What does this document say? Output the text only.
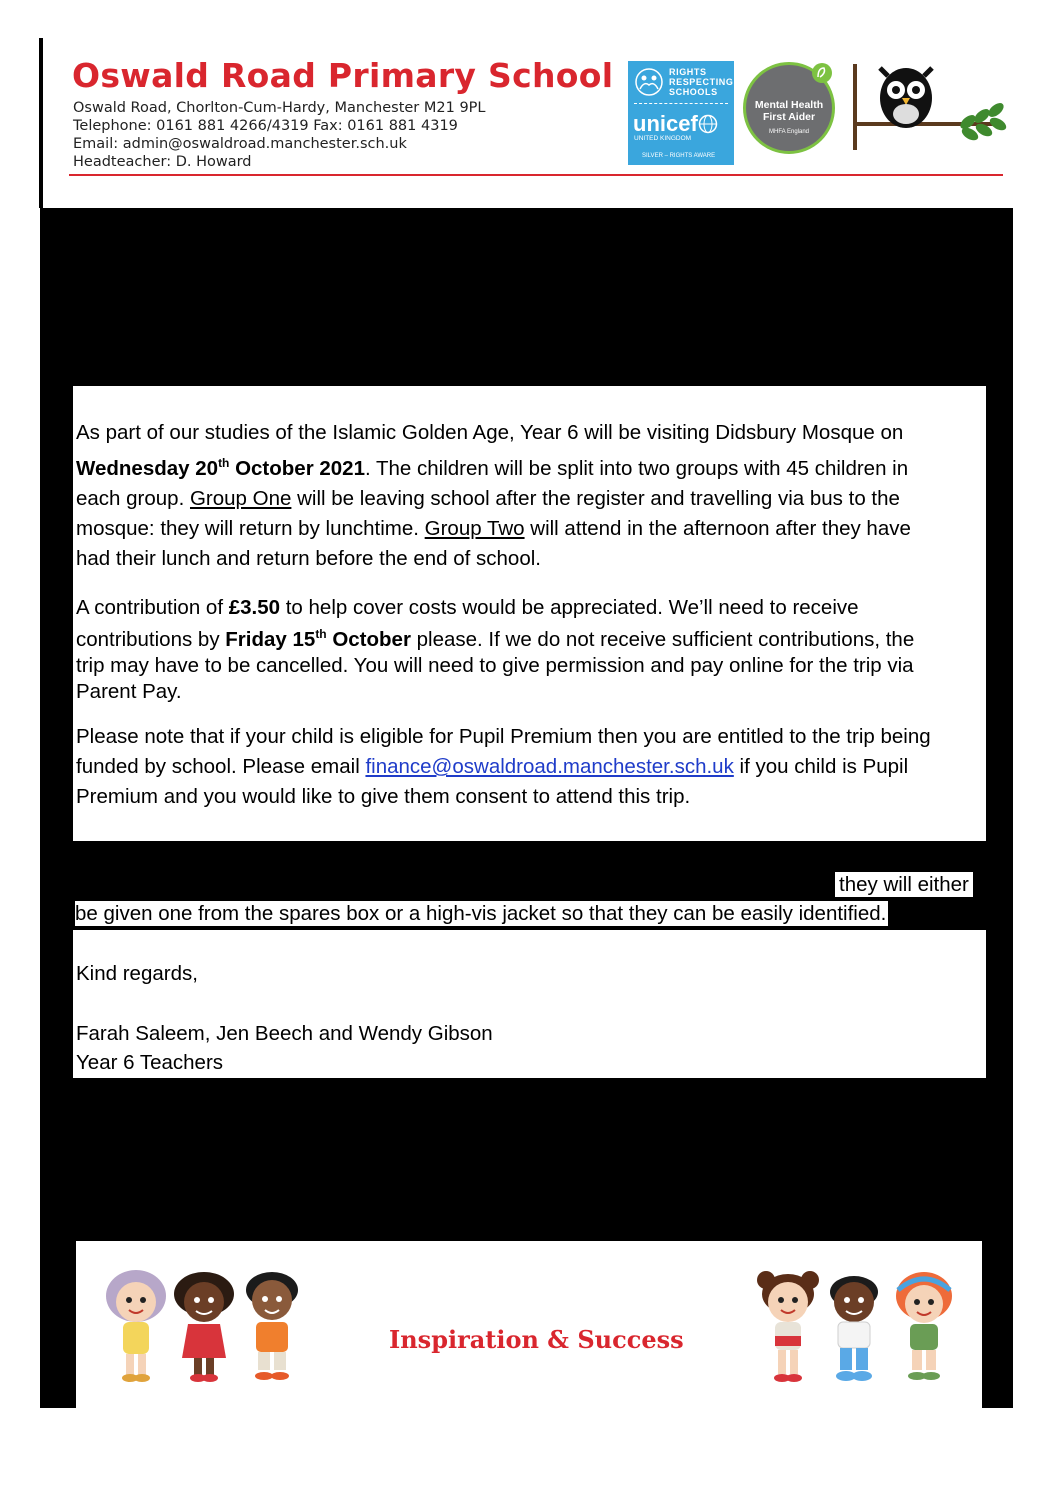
Oswald Road Primary School
Oswald Road, Chorlton-Cum-Hardy, Manchester M21 9PL
Telephone: 0161 881 4266/4319 Fax: 0161 881 4319
Email: admin@oswaldroad.manchester.sch.uk
Headteacher: D. Howard
RIGHTS
RESPECTING
SCHOOLS
unicef
UNITED KINGDOM
SILVER – RIGHTS AWARE
Mental Health
First Aider
MHFA England
As part of our studies of the Islamic Golden Age, Year 6 will be visiting Didsbury Mosque on
Wednesday 20th October 2021. The children will be split into two groups with 45 children in
each group. Group One will be leaving school after the register and travelling via bus to the
mosque: they will return by lunchtime. Group Two will attend in the afternoon after they have
had their lunch and return before the end of school.
A contribution of £3.50 to help cover costs would be appreciated. We’ll need to receive
contributions by Friday 15th October please. If we do not receive sufficient contributions, the
trip may have to be cancelled. You will need to give permission and pay online for the trip via
Parent Pay.
Please note that if your child is eligible for Pupil Premium then you are entitled to the trip being
funded by school. Please email finance@oswaldroad.manchester.sch.uk if you child is Pupil
Premium and you would like to give them consent to attend this trip.
they will either
be given one from the spares box or a high-vis jacket so that they can be easily identified.
Kind regards,
Farah Saleem, Jen Beech and Wendy Gibson
Year 6 Teachers
Inspiration & Success
